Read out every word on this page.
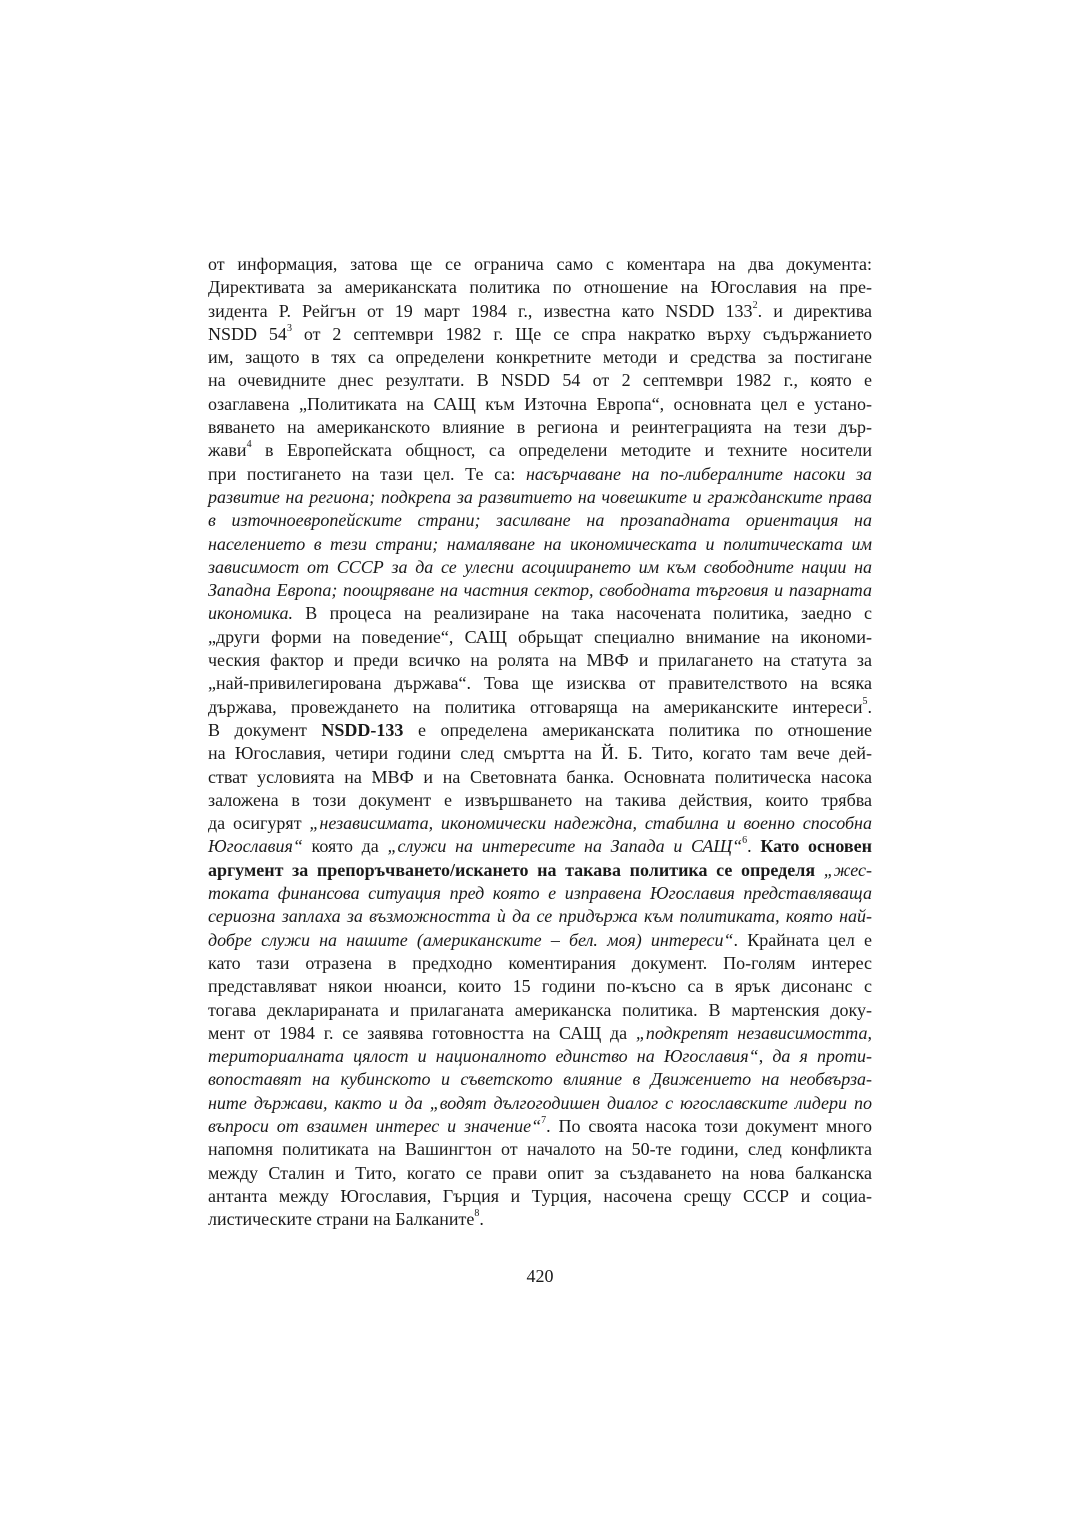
от информация, затова ще се огранича само с коментара на два документа:
Директивата за американската политика по отношение на Югославия на пре-
зидента Р. Рейгън от 19 март 1984 г., известна като NSDD $133^2$. и директива
NSDD $54^3$ от 2 септември 1982 г. Ще се спра накратко върху съдържанието
им, защото в тях са определени конкретните методи и средства за постигане
на очевидните днес резултати. В NSDD 54 от 2 септември 1982 г., която е
озаглавена „Политиката на САЩ към Източна Европа“, основната цел е устано-
вяването на американското влияние в региона и реинтеграцията на тези дър-
жави$^4$ в Европейската общност, са определени методите и техните носители
при постигането на тази цел. Те са: насърчаване на по-либералните насоки за
развитие на региона; подкрепа за развитието на човешките и гражданските права
в източноевропейските страни; засилване на прозападната ориентация на
населението в тези страни; намаляване на икономическата и политическата им
зависимост от СССР за да се улесни асоциирането им към свободните нации на
Западна Европа; поощряване на частния сектор, свободната търговия и пазарната
икономика. В процеса на реализиране на така насочената политика, заедно с
„други форми на поведение“, САЩ обрьщат специално внимание на икономи-
ческия фактор и преди всичко на ролята на МВФ и прилагането на статута за
„най-привилегирована държава“. Това ще изисква от правителството на всяка
държава, провеждането на политика отговаряща на американските интереси$^5$.
В документ NSDD-133 е определена американската политика по отношение
на Югославия, четири години след смъртта на Й. Б. Тито, когато там вече дей-
стват условията на МВФ и на Световната банка. Основната политическа насока
заложена в този документ е извършването на такива действия, които трябва
да осигурят „независимата, икономически надеждна, стабилна и военно способна
Югославия“ която да „служи на интересите на Запада и САЩ“$^6$. Като основен
аргумент за препоръчването/искането на такава политика се определя „жес-
токата финансова ситуация пред която е изправена Югославия представляваща
сериозна заплаха за възможността ѝ да се придържа към политиката, която най-
добре служи на нашите (американските – бел. моя) интереси“. Крайната цел е
като тази отразена в предходно коментирания документ. По-голям интерес
представляват някои нюанси, които 15 години по-късно са в ярък дисонанс с
тогава декларираната и прилаганата американска политика. В мартенския доку-
мент от 1984 г. се заявява готовността на САЩ да „подкрепят независимостта,
териториалната цялост и националното единство на Югославия“, да я проти-
вопоставят на кубинското и съветското влияние в Движението на необвърза-
ните държави, както и да „водят дългогодишен диалог с югославските лидери по
въпроси от взаимен интерес и значение“$^7$. По своята насока този документ много
напомня политиката на Вашингтон от началото на 50-те години, след конфликта
между Сталин и Тито, когато се прави опит за създаването на нова балканска
антанта между Югославия, Гърция и Турция, насочена срещу СССР и социа-
листическите страни на Балканите$^8$.
420
